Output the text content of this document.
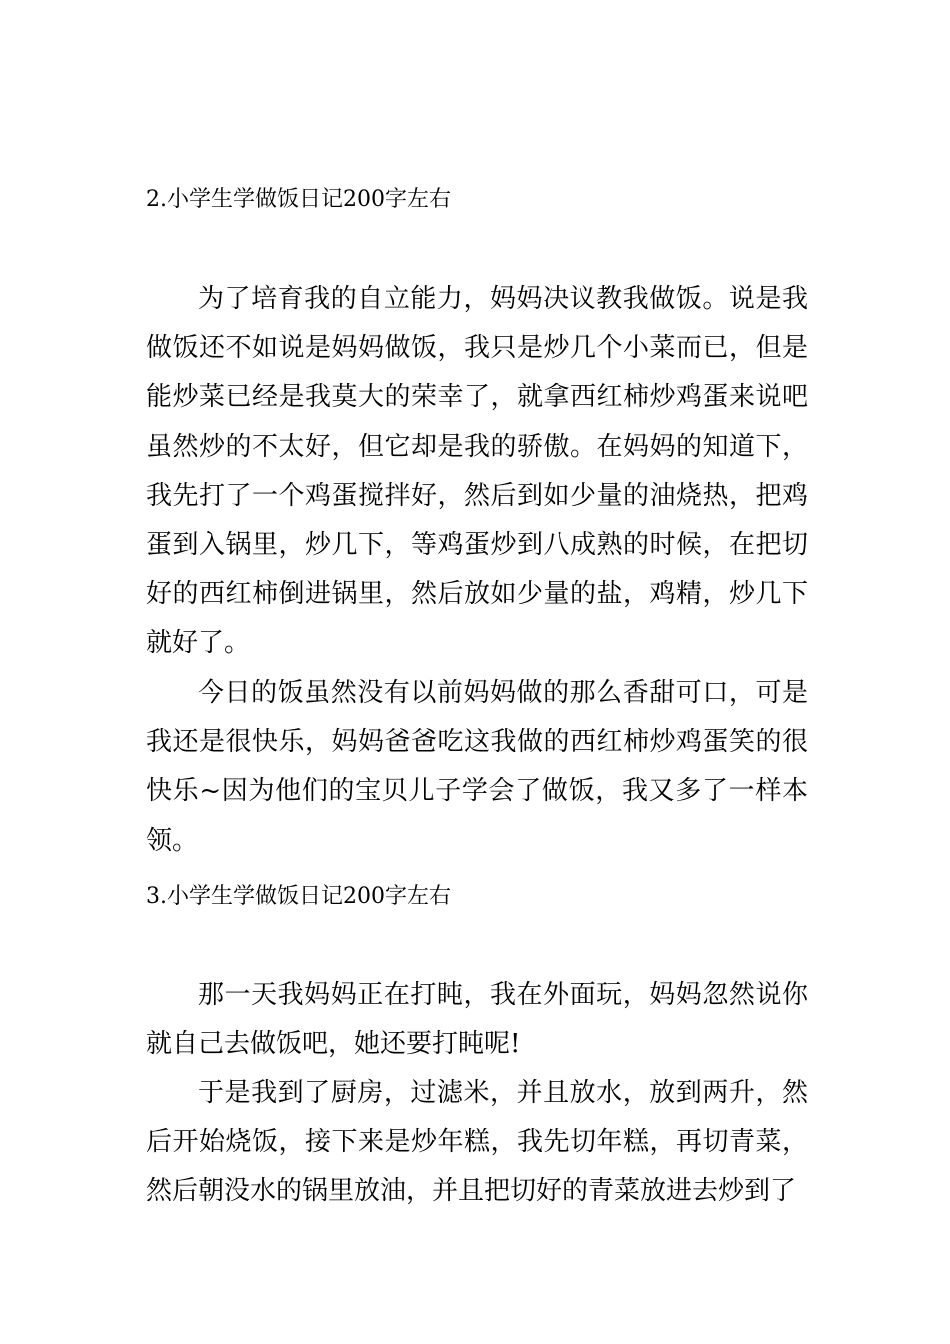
2.小学生学做饭日记200字左右

为了培育我的自立能力，妈妈决议教我做饭。说是我做饭还不如说是妈妈做饭，我只是炒几个小菜而已，但是能炒菜已经是我莫大的荣幸了，就拿西红柿炒鸡蛋来说吧虽然炒的不太好，但它却是我的骄傲。在妈妈的知道下，我先打了一个鸡蛋搅拌好，然后到如少量的油烧热，把鸡蛋到入锅里，炒几下，等鸡蛋炒到八成熟的时候，在把切好的西红柿倒进锅里，然后放如少量的盐，鸡精，炒几下就好了。

今日的饭虽然没有以前妈妈做的那么香甜可口，可是我还是很快乐，妈妈爸爸吃这我做的西红柿炒鸡蛋笑的很快乐~因为他们的宝贝儿子学会了做饭，我又多了一样本领。

3.小学生学做饭日记200字左右

那一天我妈妈正在打盹，我在外面玩，妈妈忽然说你就自己去做饭吧，她还要打盹呢!

于是我到了厨房，过滤米，并且放水，放到两升，然后开始烧饭，接下来是炒年糕，我先切年糕，再切青菜，然后朝没水的锅里放油，并且把切好的青菜放进去炒到了
